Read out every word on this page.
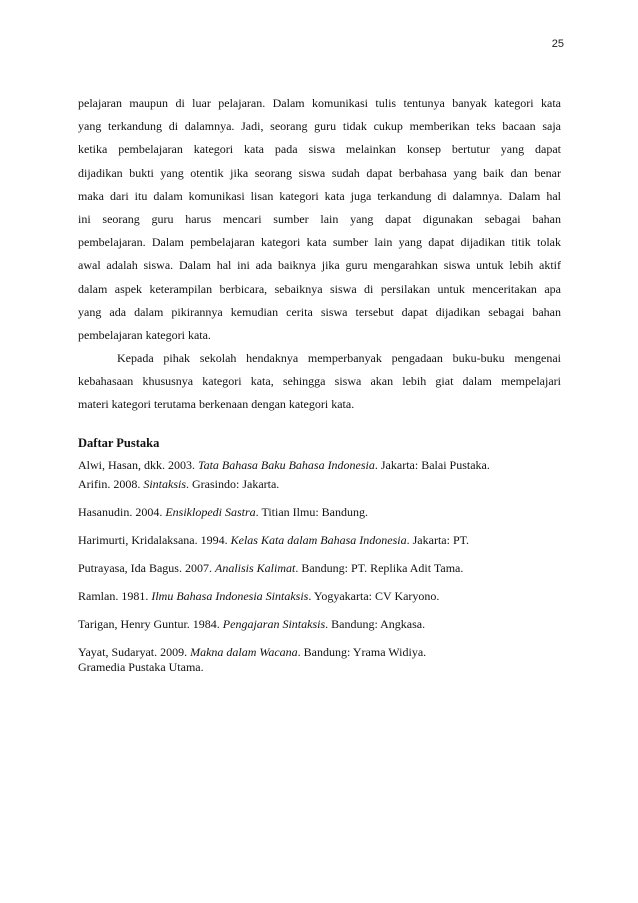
25
pelajaran maupun di luar pelajaran. Dalam komunikasi tulis tentunya banyak kategori kata
yang terkandung di dalamnya. Jadi, seorang guru tidak cukup memberikan teks bacaan saja
ketika pembelajaran kategori kata pada siswa melainkan konsep bertutur yang dapat
dijadikan bukti yang otentik jika seorang siswa sudah dapat berbahasa yang baik dan benar
maka dari itu dalam komunikasi lisan kategori kata juga terkandung di dalamnya. Dalam hal
ini seorang guru harus mencari sumber lain yang dapat digunakan sebagai bahan
pembelajaran. Dalam pembelajaran kategori kata sumber lain yang dapat dijadikan titik tolak
awal adalah siswa. Dalam hal ini ada baiknya jika guru mengarahkan siswa untuk lebih aktif
dalam aspek keterampilan berbicara, sebaiknya siswa di persilakan untuk menceritakan apa
yang ada dalam pikirannya kemudian cerita siswa tersebut dapat dijadikan sebagai bahan
pembelajaran kategori kata.
Kepada pihak sekolah hendaknya memperbanyak pengadaan buku-buku mengenai
kebahasaan khususnya kategori kata, sehingga siswa akan lebih giat dalam mempelajari
materi kategori terutama berkenaan dengan kategori kata.
Daftar Pustaka
Alwi, Hasan, dkk. 2003. Tata Bahasa Baku Bahasa Indonesia. Jakarta: Balai Pustaka.
Arifin. 2008. Sintaksis. Grasindo: Jakarta.
Hasanudin. 2004. Ensiklopedi Sastra. Titian Ilmu: Bandung.
Harimurti, Kridalaksana. 1994. Kelas Kata dalam Bahasa Indonesia. Jakarta: PT.
Putrayasa, Ida Bagus. 2007. Analisis Kalimat. Bandung: PT. Replika Adit Tama.
Ramlan. 1981. Ilmu Bahasa Indonesia Sintaksis. Yogyakarta: CV Karyono.
Tarigan, Henry Guntur. 1984. Pengajaran Sintaksis. Bandung: Angkasa.
Yayat, Sudaryat. 2009. Makna dalam Wacana. Bandung: Yrama Widiya.
Gramedia Pustaka Utama.
